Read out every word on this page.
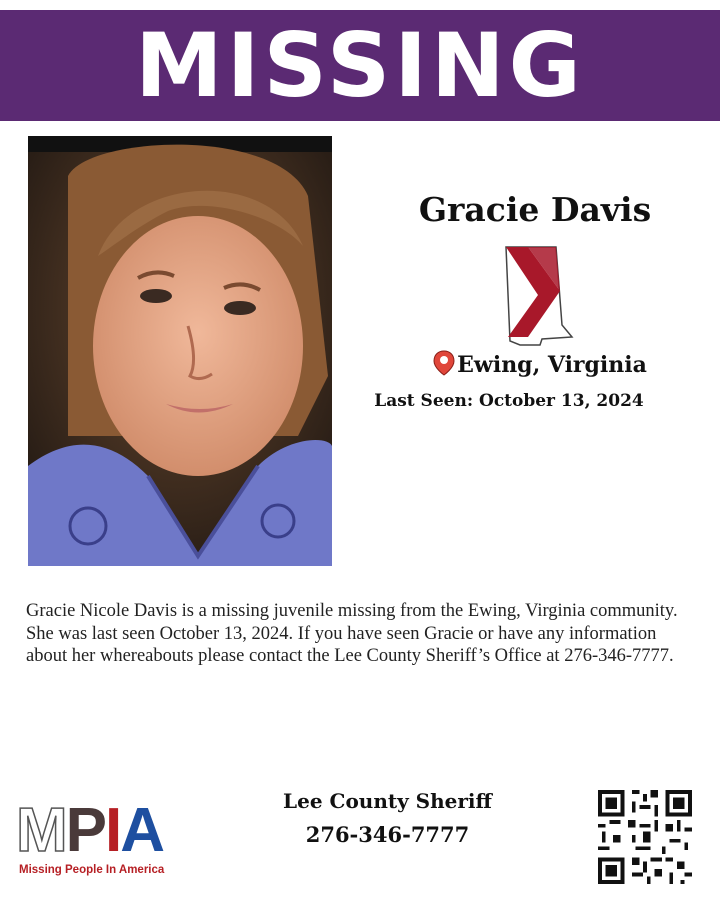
MISSING
Gracie Davis
Ewing, Virginia
Last Seen: October 13, 2024
Gracie Nicole Davis is a missing juvenile missing from the Ewing, Virginia community. She was last seen October 13, 2024. If you have seen Gracie or have any information about her whereabouts please contact the Lee County Sheriff’s Office at 276-346-7777.
MPIA
Missing People In America
Lee County Sheriff
276-346-7777
